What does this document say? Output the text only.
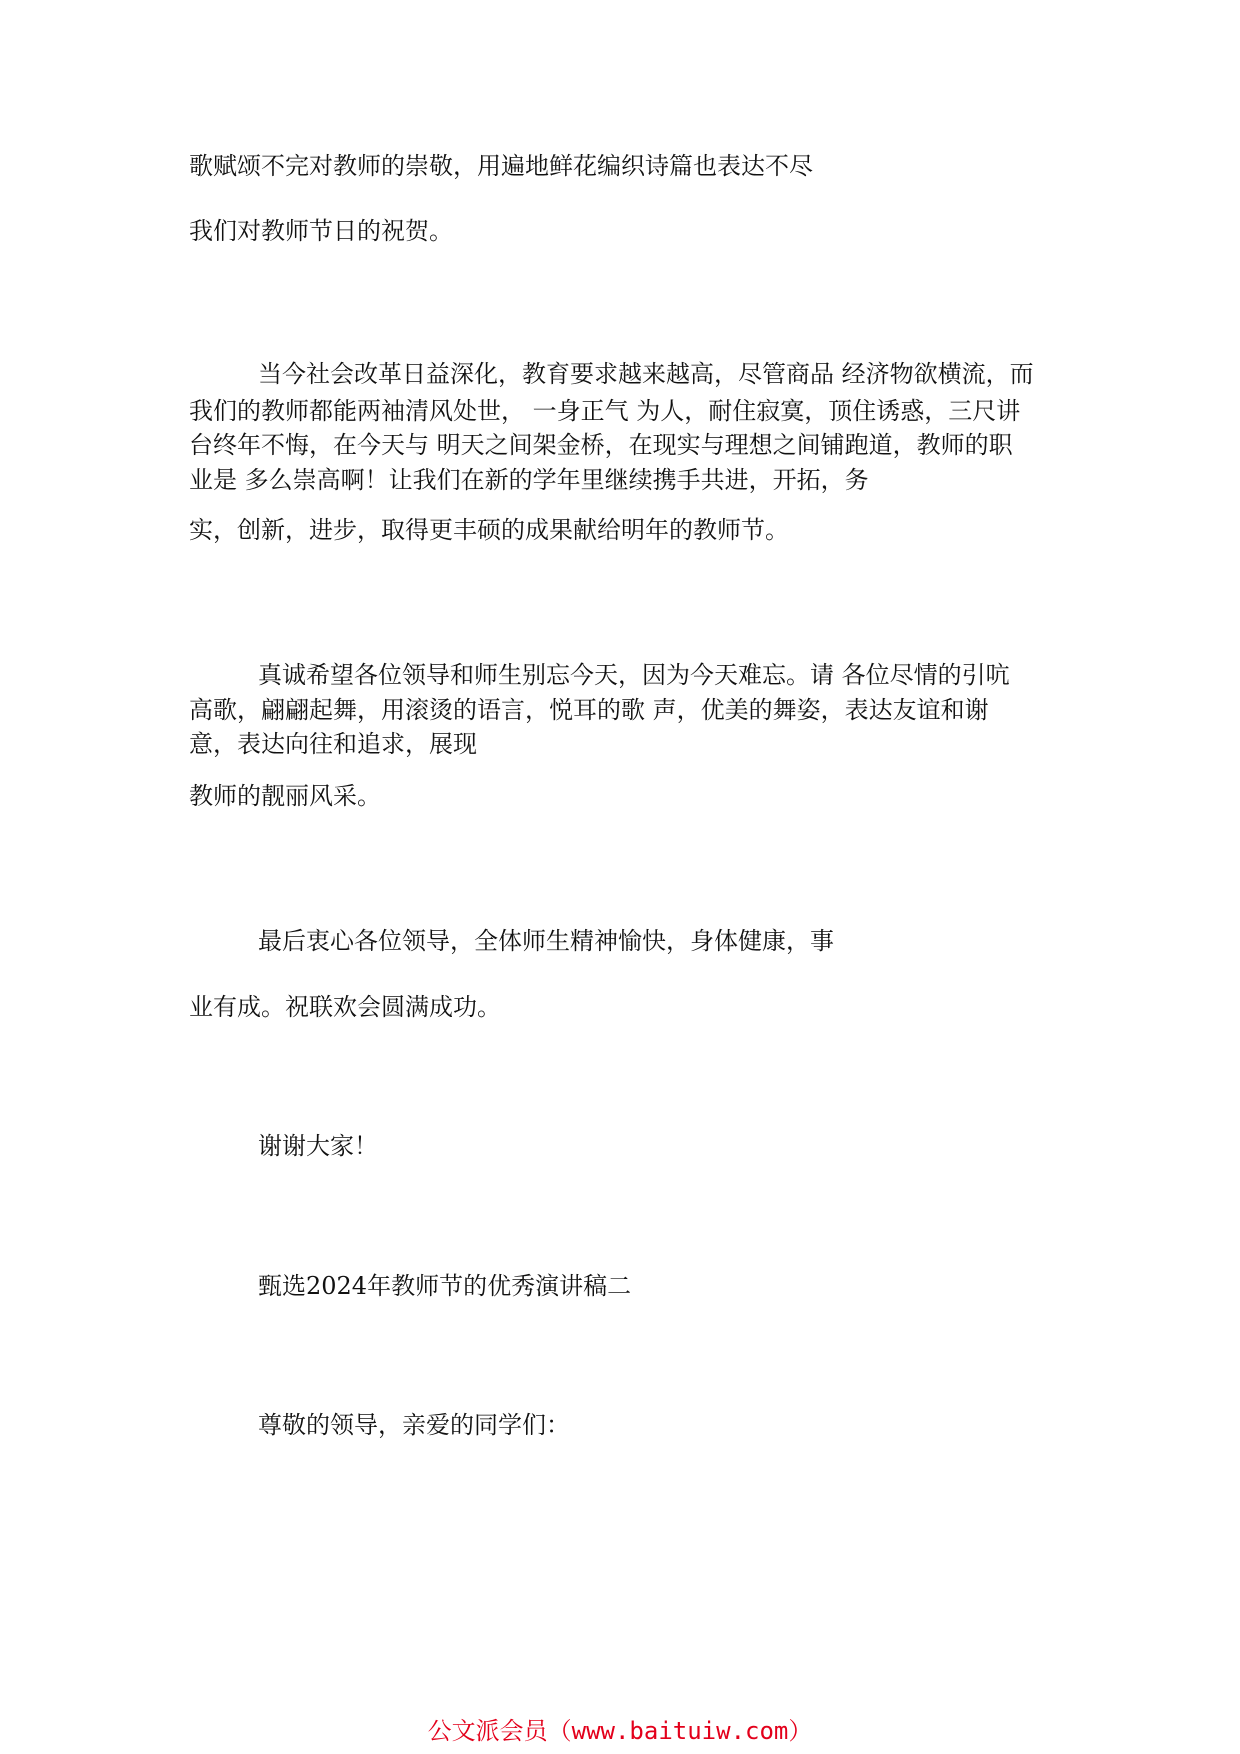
歌赋颂不完对教师的崇敬，用遍地鲜花编织诗篇也表达不尽
我们对教师节日的祝贺。
当今社会改革日益深化，教育要求越来越高，尽管商品 经济物欲横流，而
我们的教师都能两袖清风处世， 一身正气 为人，耐住寂寞，顶住诱惑，三尺讲
台终年不悔，在今天与 明天之间架金桥，在现实与理想之间铺跑道，教师的职
业是 多么崇高啊！让我们在新的学年里继续携手共进，开拓，务
实，创新，进步，取得更丰硕的成果献给明年的教师节。
真诚希望各位领导和师生别忘今天，因为今天难忘。请 各位尽情的引吭
高歌，翩翩起舞，用滚烫的语言，悦耳的歌 声，优美的舞姿，表达友谊和谢
意，表达向往和追求，展现
教师的靓丽风采。
最后衷心各位领导，全体师生精神愉快，身体健康，事
业有成。祝联欢会圆满成功。
谢谢大家！
甄选2024年教师节的优秀演讲稿二
尊敬的领导，亲爱的同学们：
公文派会员（www.baituiw.com）
